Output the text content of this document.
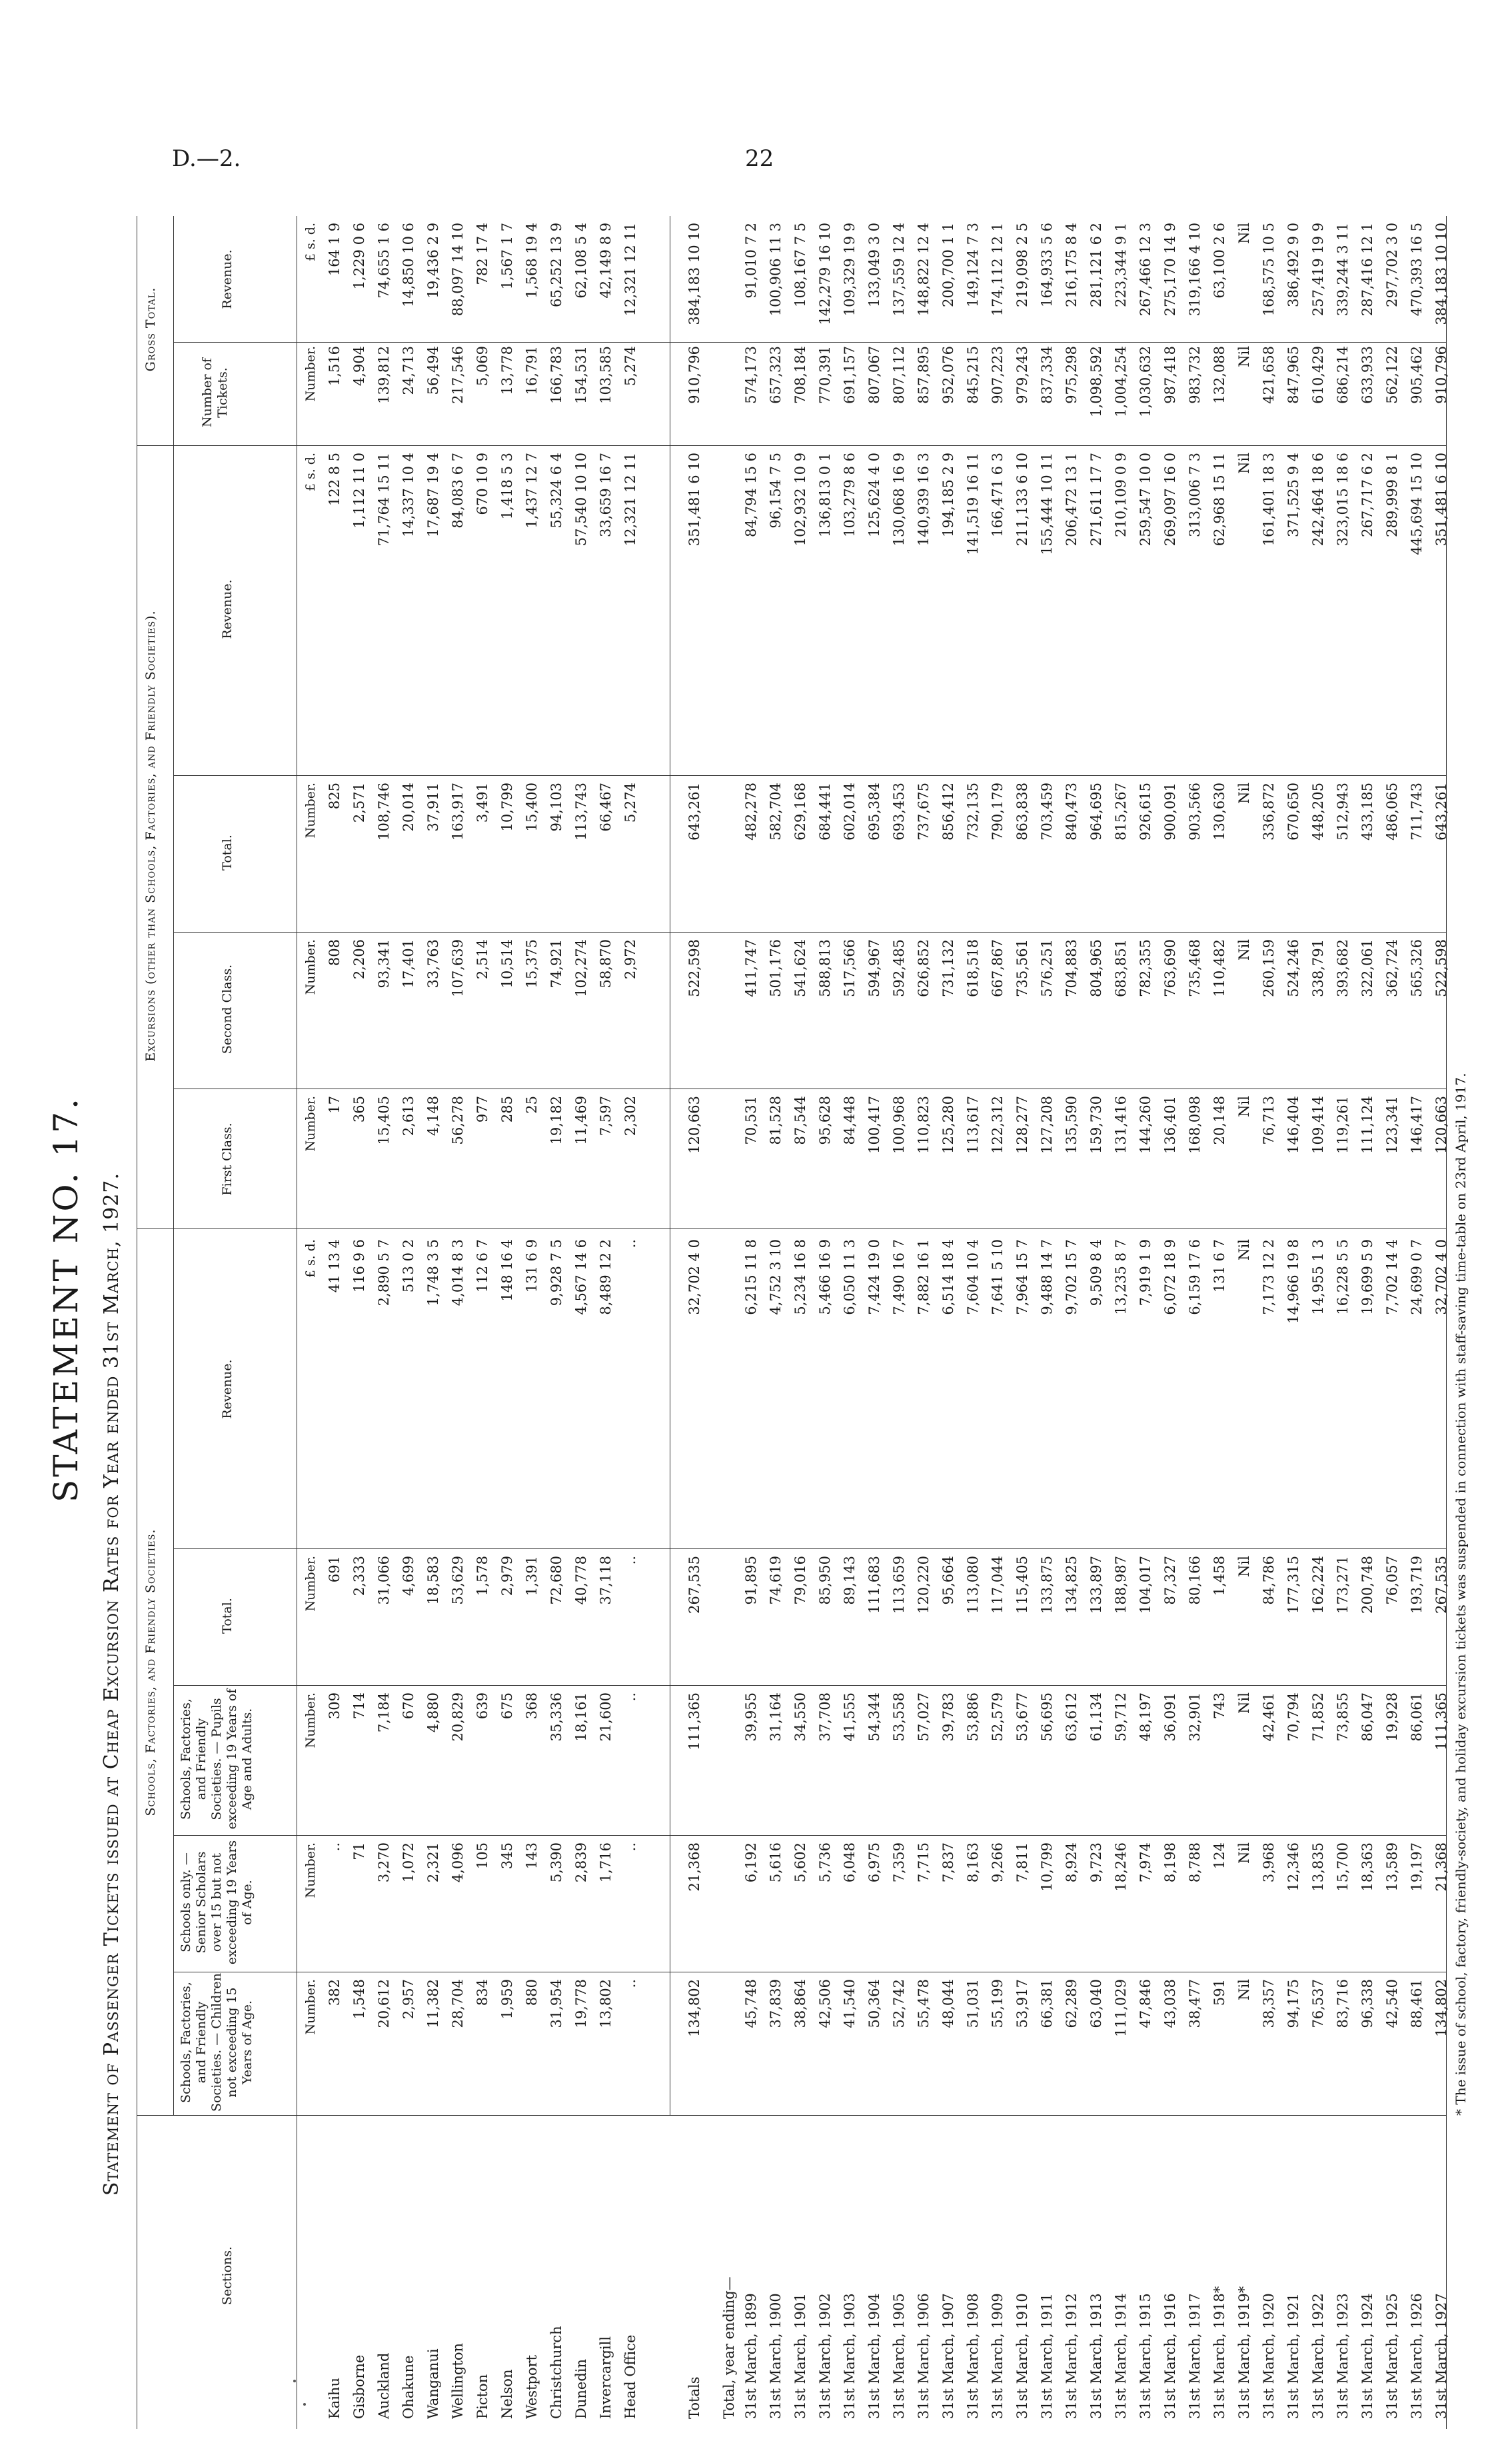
D.—2.	22
STATEMENT NO. 17. Statement of Passenger Tickets issued at Cheap Excursion Rates for Year ended 31st March, 1927. Schools, Factories, and Friendly Societies.
Excursions (other than Schools, Factories, and Friendly Societies).
Gross Total.
Sections.
Schools, Factories, and Friendly Societies. — Children not exceeding 15 Years of Age.
Schools only. — Senior Scholars over 15 but not exceeding 19 Years of Age.
Schools, Factories, and Friendly Societies. — Pupils exceeding 19 Years of Age and Adults.
Total.
Revenue.
First Class.
Second Class.
Total.
Revenue.
Number of Tickets.
Revenue.
Number.
Number.
Number.
Number.
£ s. d.
Number.
Number.
Number.
£ s. d.
Number.
£ s. d.
Kaihu
382
..
309
691
41 13 4
17
808
825
122 8 5
1,516
164 1 9
Gisborne
1,548
71
714
2,333
116 9 6
365
2,206
2,571
1,112 11 0
4,904
1,229 0 6
Auckland
20,612
3,270
7,184
31,066
2,890 5 7
15,405
93,341
108,746
71,764 15 11
139,812
74,655 1 6
Ohakune
2,957
1,072
670
4,699
513 0 2
2,613
17,401
20,014
14,337 10 4
24,713
14,850 10 6
Wanganui
11,382
2,321
4,880
18,583
1,748 3 5
4,148
33,763
37,911
17,687 19 4
56,494
19,436 2 9
Wellington
28,704
4,096
20,829
53,629
4,014 8 3
56,278
107,639
163,917
84,083 6 7
217,546
88,097 14 10
Picton
834
105
639
1,578
112 6 7
977
2,514
3,491
670 10 9
5,069
782 17 4
Nelson
1,959
345
675
2,979
148 16 4
285
10,514
10,799
1,418 5 3
13,778
1,567 1 7
Westport
880
143
368
1,391
131 6 9
25
15,375
15,400
1,437 12 7
16,791
1,568 19 4
Christchurch
31,954
5,390
35,336
72,680
9,928 7 5
19,182
74,921
94,103
55,324 6 4
166,783
65,252 13 9
Dunedin
19,778
2,839
18,161
40,778
4,567 14 6
11,469
102,274
113,743
57,540 10 10
154,531
62,108 5 4
Invercargill
13,802
1,716
21,600
37,118
8,489 12 2
7,597
58,870
66,467
33,659 16 7
103,585
42,149 8 9
Head Office
..
..
..
..
..
2,302
2,972
5,274
12,321 12 11
5,274
12,321 12 11
Totals
134,802
21,368
111,365
267,535
32,702 4 0
120,663
522,598
643,261
351,481 6 10
910,796
384,183 10 10
31st March, 1899
45,748
6,192
39,955
91,895
6,215 11 8
70,531
411,747
482,278
84,794 15 6
574,173
91,010 7 2
31st March, 1900
37,839
5,616
31,164
74,619
4,752 3 10
81,528
501,176
582,704
96,154 7 5
657,323
100,906 11 3
31st March, 1901
38,864
5,602
34,550
79,016
5,234 16 8
87,544
541,624
629,168
102,932 10 9
708,184
108,167 7 5
31st March, 1902
42,506
5,736
37,708
85,950
5,466 16 9
95,628
588,813
684,441
136,813 0 1
770,391
142,279 16 10
31st March, 1903
41,540
6,048
41,555
89,143
6,050 11 3
84,448
517,566
602,014
103,279 8 6
691,157
109,329 19 9
31st March, 1904
50,364
6,975
54,344
111,683
7,424 19 0
100,417
594,967
695,384
125,624 4 0
807,067
133,049 3 0
31st March, 1905
52,742
7,359
53,558
113,659
7,490 16 7
100,968
592,485
693,453
130,068 16 9
807,112
137,559 12 4
31st March, 1906
55,478
7,715
57,027
120,220
7,882 16 1
110,823
626,852
737,675
140,939 16 3
857,895
148,822 12 4
31st March, 1907
48,044
7,837
39,783
95,664
6,514 18 4
125,280
731,132
856,412
194,185 2 9
952,076
200,700 1 1
31st March, 1908
51,031
8,163
53,886
113,080
7,604 10 4
113,617
618,518
732,135
141,519 16 11
845,215
149,124 7 3
31st March, 1909
55,199
9,266
52,579
117,044
7,641 5 10
122,312
667,867
790,179
166,471 6 3
907,223
174,112 12 1
31st March, 1910
53,917
7,811
53,677
115,405
7,964 15 7
128,277
735,561
863,838
211,133 6 10
979,243
219,098 2 5
31st March, 1911
66,381
10,799
56,695
133,875
9,488 14 7
127,208
576,251
703,459
155,444 10 11
837,334
164,933 5 6
31st March, 1912
62,289
8,924
63,612
134,825
9,702 15 7
135,590
704,883
840,473
206,472 13 1
975,298
216,175 8 4
31st March, 1913
63,040
9,723
61,134
133,897
9,509 8 4
159,730
804,965
964,695
271,611 17 7
1,098,592
281,121 6 2
31st March, 1914
111,029
18,246
59,712
188,987
13,235 8 7
131,416
683,851
815,267
210,109 0 9
1,004,254
223,344 9 1
31st March, 1915
47,846
7,974
48,197
104,017
7,919 1 9
144,260
782,355
926,615
259,547 10 0
1,030,632
267,466 12 3
31st March, 1916
43,038
8,198
36,091
87,327
6,072 18 9
136,401
763,690
900,091
269,097 16 0
987,418
275,170 14 9
31st March, 1917
38,477
8,788
32,901
80,166
6,159 17 6
168,098
735,468
903,566
313,006 7 3
983,732
319,166 4 10
31st March, 1918*
591
124
743
1,458
131 6 7
20,148
110,482
130,630
62,968 15 11
132,088
63,100 2 6
31st March, 1919*
Nil
Nil
Nil
Nil
Nil
Nil
Nil
Nil
Nil
Nil
Nil
31st March, 1920
38,357
3,968
42,461
84,786
7,173 12 2
76,713
260,159
336,872
161,401 18 3
421,658
168,575 10 5
31st March, 1921
94,175
12,346
70,794
177,315
14,966 19 8
146,404
524,246
670,650
371,525 9 4
847,965
386,492 9 0
31st March, 1922
76,537
13,835
71,852
162,224
14,955 1 3
109,414
338,791
448,205
242,464 18 6
610,429
257,419 19 9
31st March, 1923
83,716
15,700
73,855
173,271
16,228 5 5
119,261
393,682
512,943
323,015 18 6
686,214
339,244 3 11
31st March, 1924
96,338
18,363
86,047
200,748
19,699 5 9
111,124
322,061
433,185
267,717 6 2
633,933
287,416 12 1
31st March, 1925
42,540
13,589
19,928
76,057
7,702 14 4
123,341
362,724
486,065
289,999 8 1
562,122
297,702 3 0
31st March, 1926
88,461
19,197
86,061
193,719
24,699 0 7
146,417
565,326
711,743
445,694 15 10
905,462
470,393 16 5
31st March, 1927
134,802
21,368
111,365
267,535
32,702 4 0
120,663
522,598
643,261
351,481 6 10
910,796
384,183 10 10
Total, year ending—
* The issue of school, factory, friendly-society, and holiday excursion tickets was suspended in connection with staff-saving time-table on 23rd April, 1917.
